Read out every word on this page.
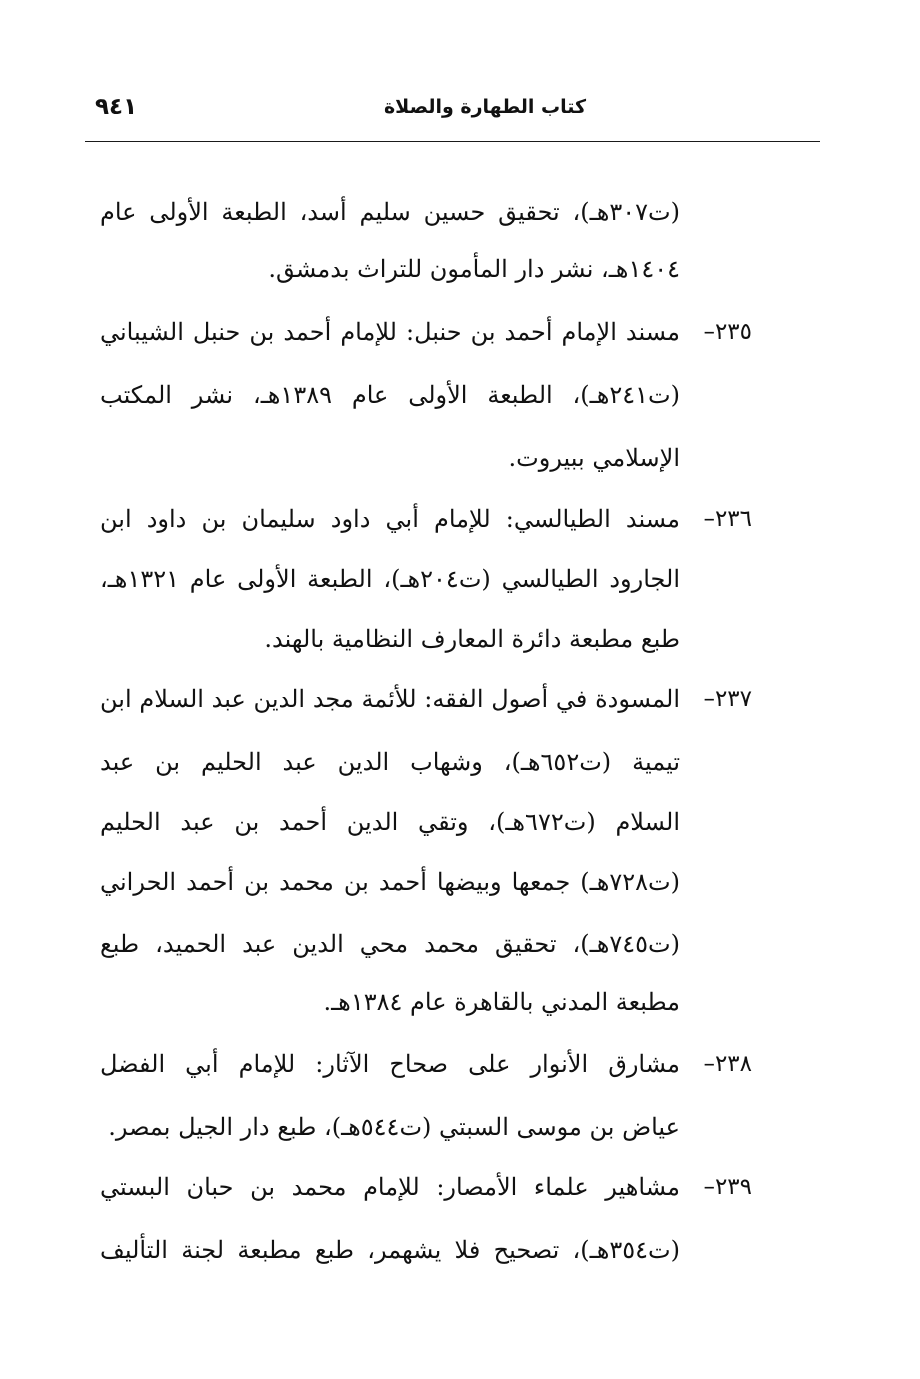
٩٤١	كتاب الطهارة والصلاة
(ت٣٠٧هـ)، تحقيق حسين سليم أسد، الطبعة الأولى عام
١٤٠٤هـ، نشر دار المأمون للتراث بدمشق.
٢٣٥–
مسند الإمام أحمد بن حنبل: للإمام أحمد بن حنبل الشيباني
(ت٢٤١هـ)، الطبعة الأولى عام ١٣٨٩هـ، نشر المكتب
الإسلامي ببيروت.
٢٣٦–
مسند الطيالسي: للإمام أبي داود سليمان بن داود ابن
الجارود الطيالسي (ت٢٠٤هـ)، الطبعة الأولى عام ١٣٢١هـ،
طبع مطبعة دائرة المعارف النظامية بالهند.
٢٣٧–
المسودة في أصول الفقه: للأئمة مجد الدين عبد السلام ابن
تيمية (ت٦٥٢هـ)، وشهاب الدين عبد الحليم بن عبد
السلام (ت٦٧٢هـ)، وتقي الدين أحمد بن عبد الحليم
(ت٧٢٨هـ) جمعها وبيضها أحمد بن محمد بن أحمد الحراني
(ت٧٤٥هـ)، تحقيق محمد محي الدين عبد الحميد، طبع
مطبعة المدني بالقاهرة عام ١٣٨٤هـ.
٢٣٨–
مشارق الأنوار على صحاح الآثار: للإمام أبي الفضل
عياض بن موسى السبتي (ت٥٤٤هـ)، طبع دار الجيل بمصر.
٢٣٩–
مشاهير علماء الأمصار: للإمام محمد بن حبان البستي
(ت٣٥٤هـ)، تصحيح فلا يشهمر، طبع مطبعة لجنة التأليف
